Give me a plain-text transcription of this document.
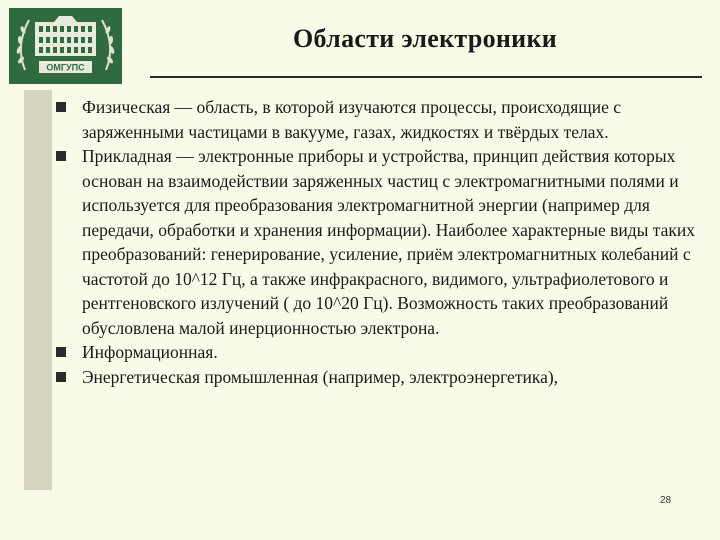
ОМГУПС
Области электроники

Физическая — область, в которой изучаются процессы, происходящие с заряженными частицами в вакууме, газах, жидкостях и твёрдых телах.

Прикладная — электронные приборы и устройства, принцип действия которых основан на взаимодействии заряженных частиц с электромагнитными полями и используется для преобразования электромагнитной энергии (например для передачи, обработки и хранения информации). Наиболее характерные виды таких преобразований: генерирование, усиление, приём электромагнитных колебаний с частотой до 10^12 Гц, а также инфракрасного, видимого, ультрафиолетового и рентгеновского излучений ( до 10^20 Гц). Возможность таких преобразований обусловлена малой инерционностью электрона.

Информационная.

Энергетическая промышленная (например, электроэнергетика),

28
